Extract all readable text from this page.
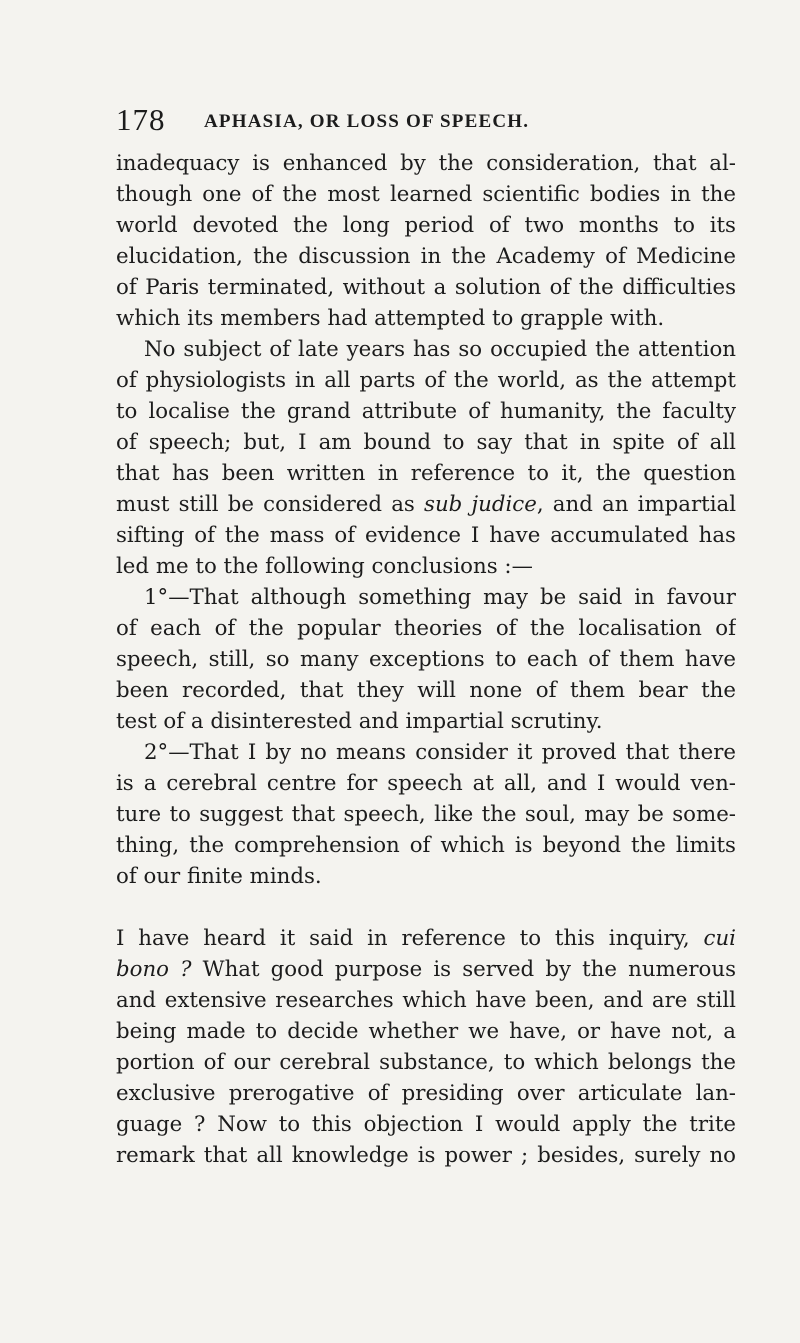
178 APHASIA, OR LOSS OF SPEECH.
inadequacy is enhanced by the consideration, that al-
though one of the most learned scientific bodies in the
world devoted the long period of two months to its
elucidation, the discussion in the Academy of Medicine
of Paris terminated, without a solution of the difficulties
which its members had attempted to grapple with.
No subject of late years has so occupied the attention
of physiologists in all parts of the world, as the attempt
to localise the grand attribute of humanity, the faculty
of speech; but, I am bound to say that in spite of all
that has been written in reference to it, the question
must still be considered as sub judice, and an impartial
sifting of the mass of evidence I have accumulated has
led me to the following conclusions :—
1°—That although something may be said in favour
of each of the popular theories of the localisation of
speech, still, so many exceptions to each of them have
been recorded, that they will none of them bear the
test of a disinterested and impartial scrutiny.
2°—That I by no means consider it proved that there
is a cerebral centre for speech at all, and I would ven-
ture to suggest that speech, like the soul, may be some-
thing, the comprehension of which is beyond the limits
of our finite minds.
I have heard it said in reference to this inquiry, cui
bono ? What good purpose is served by the numerous
and extensive researches which have been, and are still
being made to decide whether we have, or have not, a
portion of our cerebral substance, to which belongs the
exclusive prerogative of presiding over articulate lan-
guage ? Now to this objection I would apply the trite
remark that all knowledge is power ; besides, surely no
